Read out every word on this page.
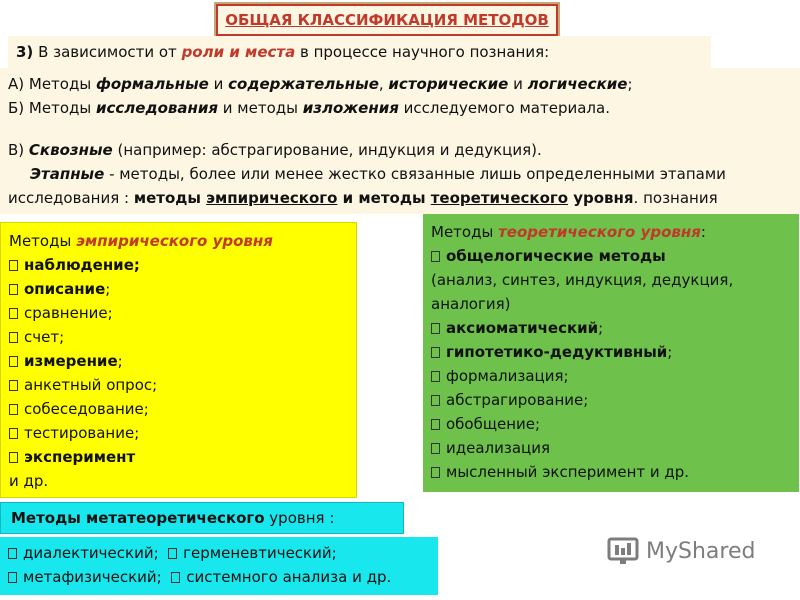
ОБЩАЯ КЛАССИФИКАЦИЯ МЕТОДОВ
3) В зависимости от роли и места в процессе научного познания:
А) Методы формальные и содержательные, исторические и логические;
Б) Методы исследования и методы изложения исследуемого материала.
В) Сквозные (например: абстрагирование, индукция и дедукция).
Этапные - методы, более или менее жестко связанные лишь определенными этапами
исследования : методы эмпирического и методы теоретического уровня. познания
Методы эмпирического уровня
наблюдение;
описание;
сравнение;
счет;
измерение;
анкетный опрос;
собеседование;
тестирование;
эксперимент
и др.
Методы теоретического уровня:
общелогические методы
(анализ, синтез, индукция, дедукция,
аналогия)
аксиоматический;
гипотетико-дедуктивный;
формализация;
абстрагирование;
обобщение;
идеализация
мысленный эксперимент и др.
Методы метатеоретического уровня :
диалектический; герменевтический;
метафизический; системного анализа и др.
MyShared
